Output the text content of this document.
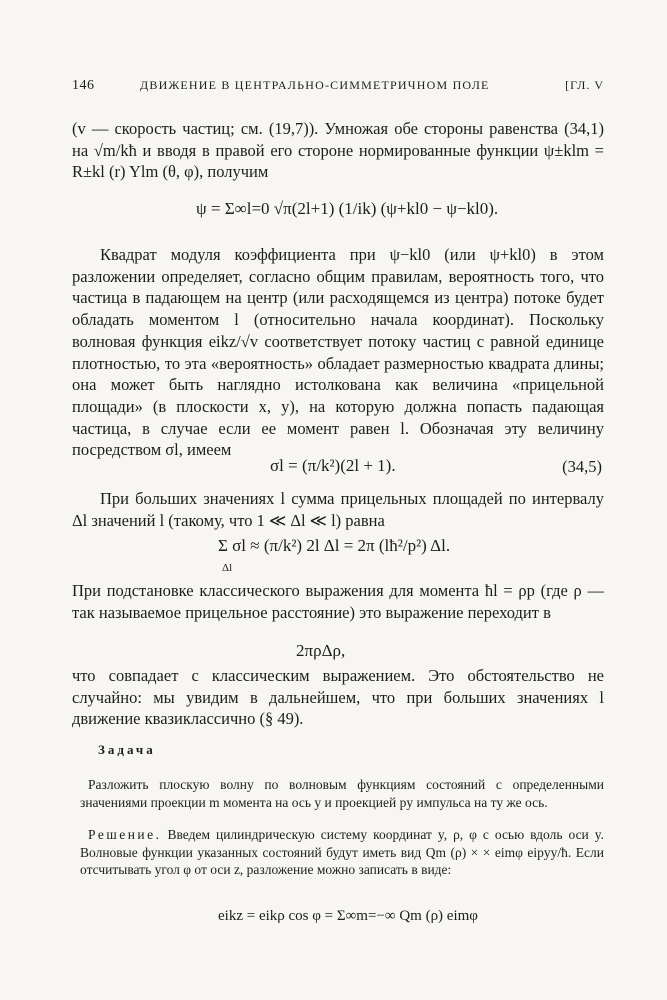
146	ДВИЖЕНИЕ В ЦЕНТРАЛЬНО-СИММЕТРИЧНОМ ПОЛЕ	[ГЛ. V
(v — скорость частиц; см. (19,7)). Умножая обе стороны равенства (34,1) на √m/kħ и вводя в правой его стороне нормированные функции ψ±klm = R±kl (r) Ylm (θ, φ), получим
ψ = Σ∞l=0 √π(2l+1) (1/ik) (ψ+kl0 − ψ−kl0).
Квадрат модуля коэффициента при ψ−kl0 (или ψ+kl0) в этом разложении определяет, согласно общим правилам, вероятность того, что частица в падающем на центр (или расходящемся из центра) потоке будет обладать моментом l (относительно начала координат). Поскольку волновая функция eikz/√v соответствует потоку частиц с равной единице плотностью, то эта «вероятность» обладает размерностью квадрата длины; она может быть наглядно истолкована как величина «прицельной площади» (в плоскости x, y), на которую должна попасть падающая частица, в случае если ее момент равен l. Обозначая эту величину посредством σl, имеем
σl = (π/k²)(2l + 1).	(34,5)
При больших значениях l сумма прицельных площадей по интервалу Δl значений l (такому, что 1 ≪ Δl ≪ l) равна
Σ σl ≈ (π/k²) 2l Δl = 2π (lħ²/p²) Δl.
Δl
При подстановке классического выражения для момента ħl = ρp (где ρ — так называемое прицельное расстояние) это выражение переходит в
2πρΔρ,
что совпадает с классическим выражением. Это обстоятельство не случайно: мы увидим в дальнейшем, что при больших значениях l движение квазиклассично (§ 49).
Задача
Разложить плоскую волну по волновым функциям состояний с определенными значениями проекции m момента на ось y и проекцией py импульса на ту же ось.
Решение. Введем цилиндрическую систему координат y, ρ, φ с осью вдоль оси y. Волновые функции указанных состояний будут иметь вид Qm (ρ) × × eimφ eipyy/ħ. Если отсчитывать угол φ от оси z, разложение можно записать в виде:
eikz = eikρ cos φ = Σ∞m=−∞ Qm (ρ) eimφ
